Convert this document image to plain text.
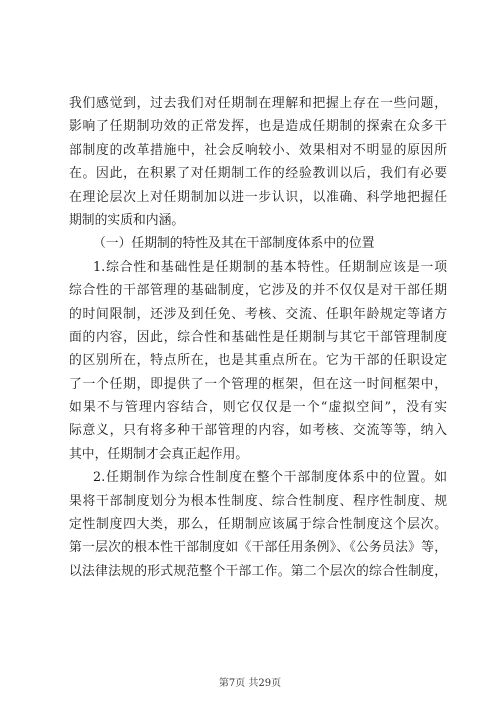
我们感觉到，过去我们对任期制在理解和把握上存在一些问题，
影响了任期制功效的正常发挥，也是造成任期制的探索在众多干
部制度的改革措施中，社会反响较小、效果相对不明显的原因所
在。因此，在积累了对任期制工作的经验教训以后，我们有必要
在理论层次上对任期制加以进一步认识，以准确、科学地把握任
期制的实质和内涵。
（一）任期制的特性及其在干部制度体系中的位置
1.综合性和基础性是任期制的基本特性。任期制应该是一项
综合性的干部管理的基础制度，它涉及的并不仅仅是对干部任期
的时间限制，还涉及到任免、考核、交流、任职年龄规定等诸方
面的内容，因此，综合性和基础性是任期制与其它干部管理制度
的区别所在，特点所在，也是其重点所在。它为干部的任职设定
了一个任期，即提供了一个管理的框架，但在这一时间框架中，
如果不与管理内容结合，则它仅仅是一个“虚拟空间”，没有实
际意义，只有将多种干部管理的内容，如考核、交流等等，纳入
其中，任期制才会真正起作用。
2.任期制作为综合性制度在整个干部制度体系中的位置。如
果将干部制度划分为根本性制度、综合性制度、程序性制度、规
定性制度四大类，那么，任期制应该属于综合性制度这个层次。
第一层次的根本性干部制度如《干部任用条例》、《公务员法》等，
以法律法规的形式规范整个干部工作。第二个层次的综合性制度，
第7页 共29页
